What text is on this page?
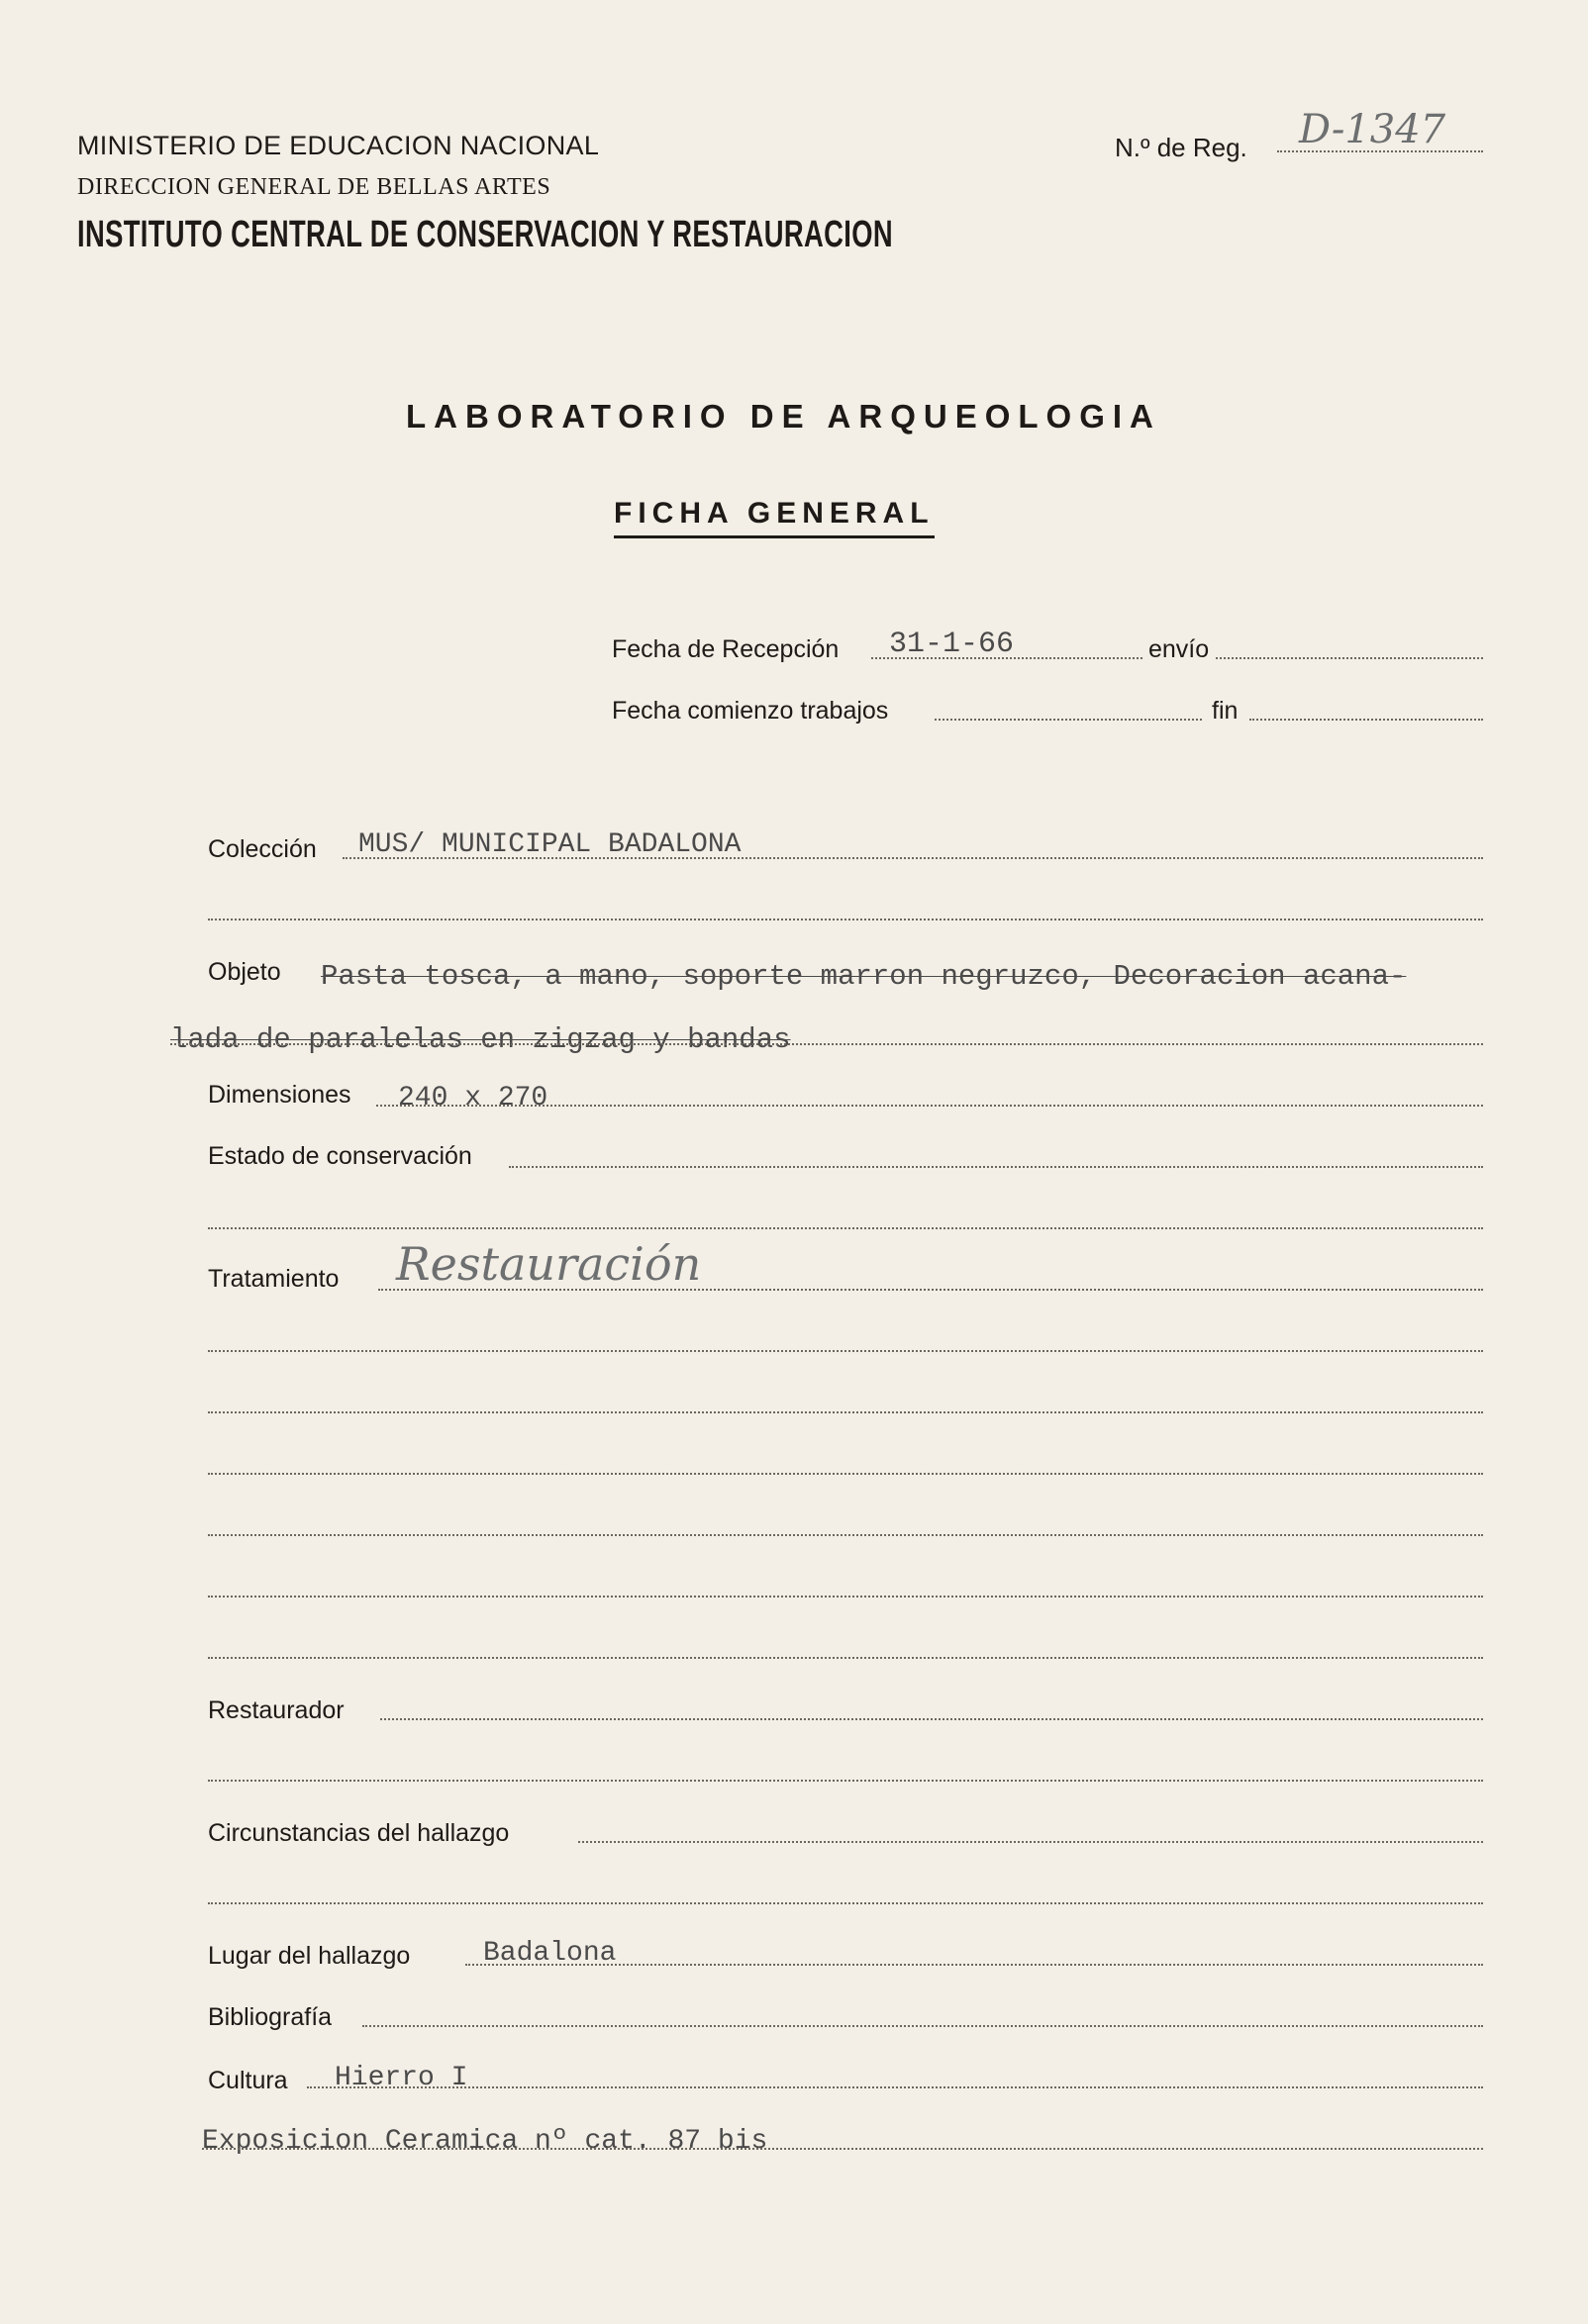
MINISTERIO DE EDUCACION NACIONAL
DIRECCION GENERAL DE BELLAS ARTES
INSTITUTO CENTRAL DE CONSERVACION Y RESTAURACION
N.º de Reg. D-1347
LABORATORIO DE ARQUEOLOGIA
FICHA GENERAL
Fecha de Recepción 31-1-66	envío
Fecha comienzo trabajos	fin
Colección MUS/ MUNICIPAL BADALONA
Objeto Pasta tosca, a mano, soporte marron negruzco, Decoracion acana-
lada de paralelas en zigzag y bandas
Dimensiones 240 x 270
Estado de conservación
Tratamiento Restauración
Restaurador
Circunstancias del hallazgo
Lugar del hallazgo	Badalona
Bibliografía
Cultura Hierro I
Exposicion Ceramica nº cat. 87 bis
